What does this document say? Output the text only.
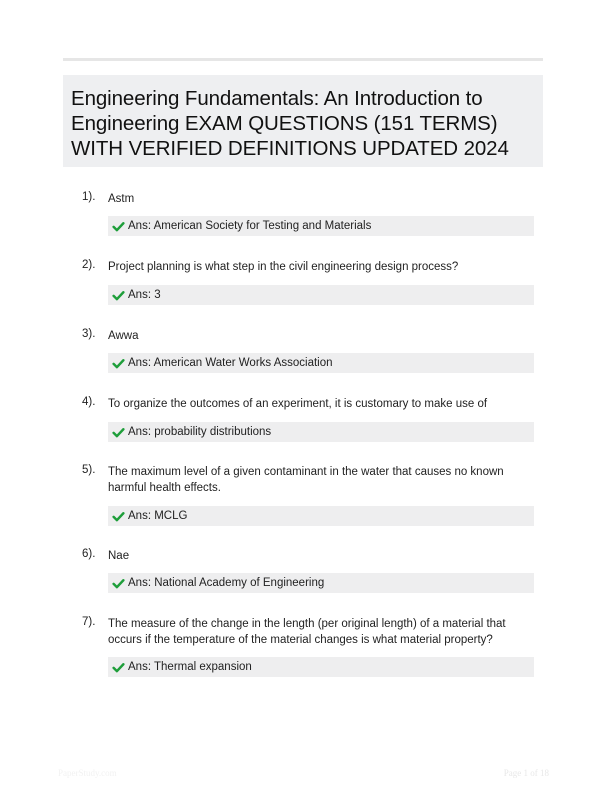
Engineering Fundamentals: An Introduction to Engineering EXAM QUESTIONS (151 TERMS) WITH VERIFIED DEFINITIONS UPDATED 2024
1). Astm
Ans: American Society for Testing and Materials
2). Project planning is what step in the civil engineering design process?
Ans: 3
3). Awwa
Ans: American Water Works Association
4). To organize the outcomes of an experiment, it is customary to make use of
Ans: probability distributions
5). The maximum level of a given contaminant in the water that causes no known harmful health effects.
Ans: MCLG
6). Nae
Ans: National Academy of Engineering
7). The measure of the change in the length (per original length) of a material that occurs if the temperature of the material changes is what material property?
Ans: Thermal expansion
PaperStudy.com	Page 1 of 18
